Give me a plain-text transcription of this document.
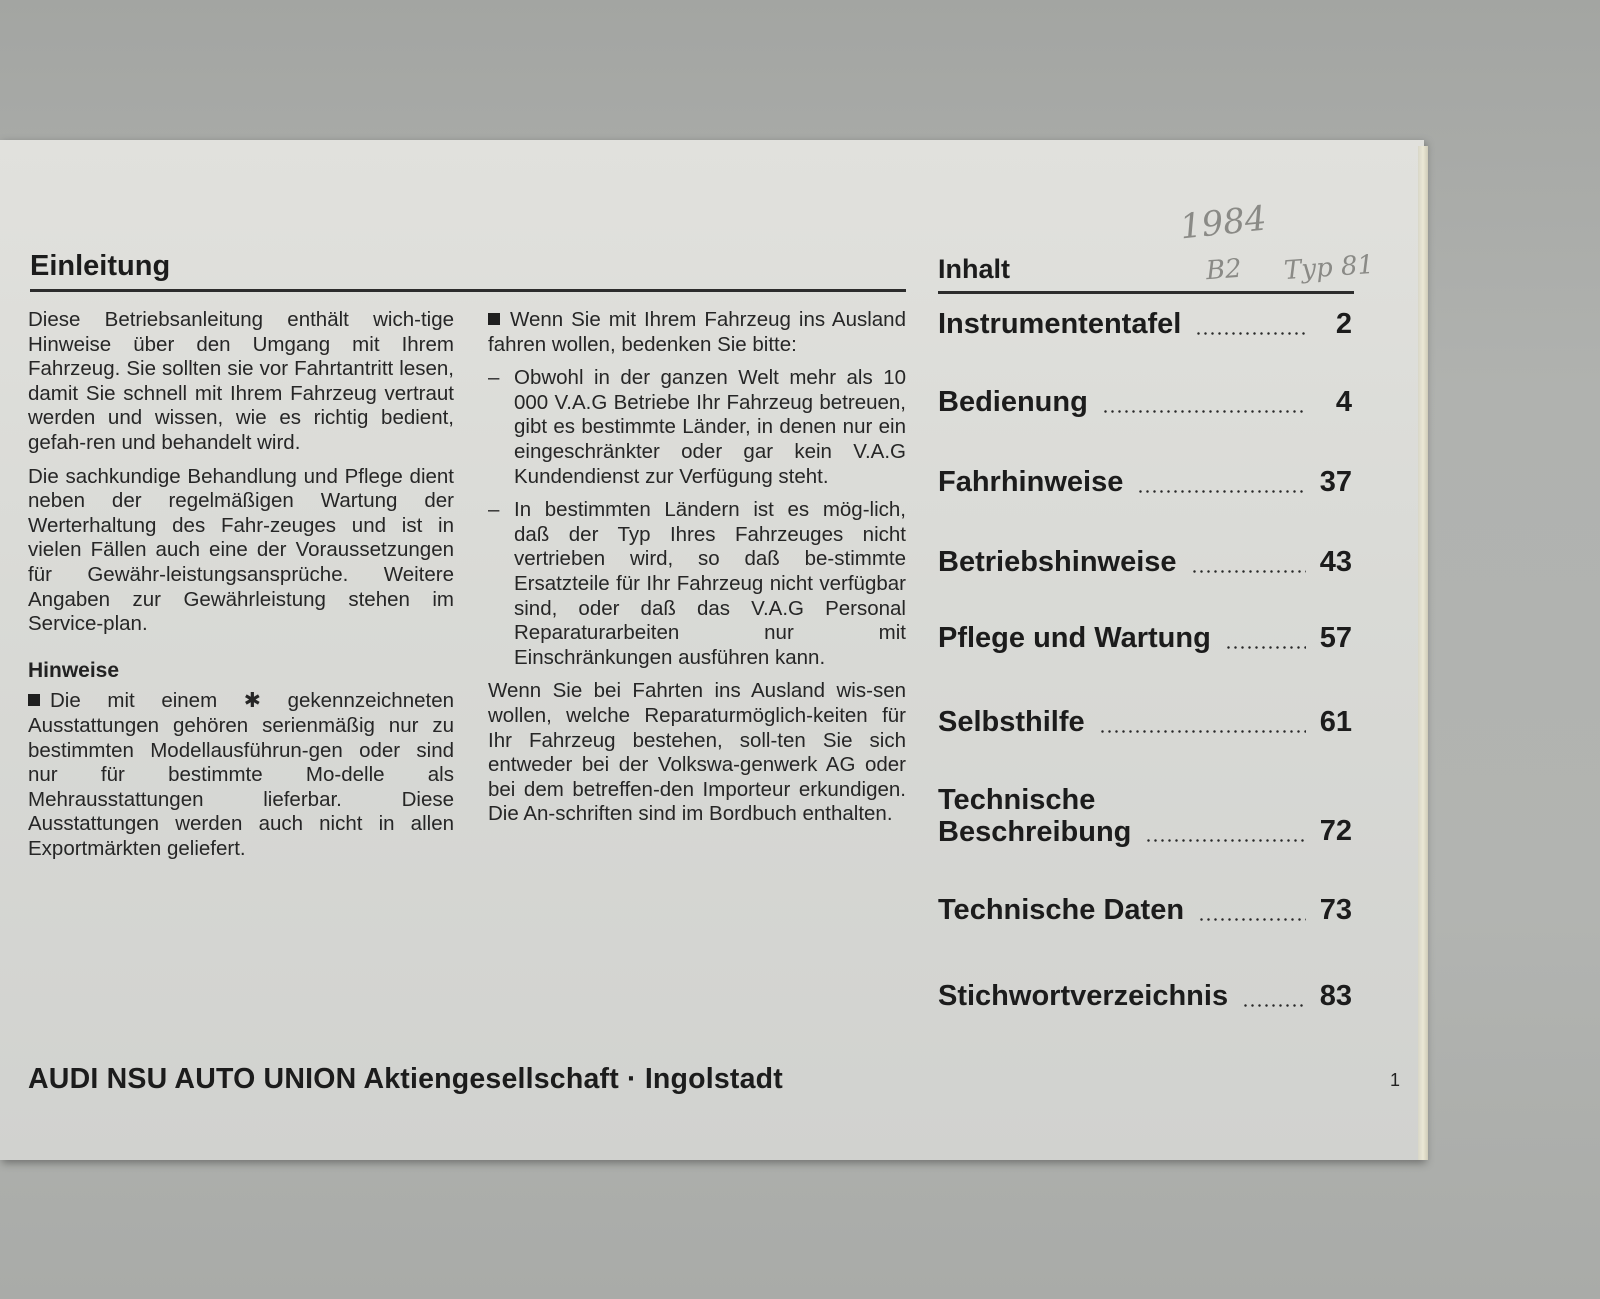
1984
B2 Typ 81
Einleitung

Diese Betriebsanleitung enthält wich-tige Hinweise über den Umgang mit Ihrem Fahrzeug. Sie sollten sie vor Fahrtantritt lesen, damit Sie schnell mit Ihrem Fahrzeug vertraut werden und wissen, wie es richtig bedient, gefah-ren und behandelt wird.

Die sachkundige Behandlung und Pflege dient neben der regelmäßigen Wartung der Werterhaltung des Fahr-zeuges und ist in vielen Fällen auch eine der Voraussetzungen für Gewähr-leistungsansprüche. Weitere Angaben zur Gewährleistung stehen im Service-plan.

Hinweise

Die mit einem ✱ gekennzeichneten Ausstattungen gehören serienmäßig nur zu bestimmten Modellausführun-gen oder sind nur für bestimmte Mo-delle als Mehrausstattungen lieferbar. Diese Ausstattungen werden auch nicht in allen Exportmärkten geliefert.

Wenn Sie mit Ihrem Fahrzeug ins Ausland fahren wollen, bedenken Sie bitte:

– Obwohl in der ganzen Welt mehr als 10 000 V.A.G Betriebe Ihr Fahrzeug betreuen, gibt es bestimmte Länder, in denen nur ein eingeschränkter oder gar kein V.A.G Kundendienst zur Verfügung steht.
– In bestimmten Ländern ist es mög-lich, daß der Typ Ihres Fahrzeuges nicht vertrieben wird, so daß be-stimmte Ersatzteile für Ihr Fahrzeug nicht verfügbar sind, oder daß das V.A.G Personal Reparaturarbeiten nur mit Einschränkungen ausführen kann.

Wenn Sie bei Fahrten ins Ausland wis-sen wollen, welche Reparaturmöglich-keiten für Ihr Fahrzeug bestehen, soll-ten Sie sich entweder bei der Volkswa-genwerk AG oder bei dem betreffen-den Importeur erkundigen. Die An-schriften sind im Bordbuch enthalten.

Inhalt
Instrumententafel	2
Bedienung	4
Fahrhinweise	37
Betriebshinweise	43
Pflege und Wartung	57
Selbsthilfe	61
Technische
Beschreibung	72
Technische Daten	73
Stichwortverzeichnis	83
AUDI NSU AUTO UNION Aktiengesellschaft · Ingolstadt	1
